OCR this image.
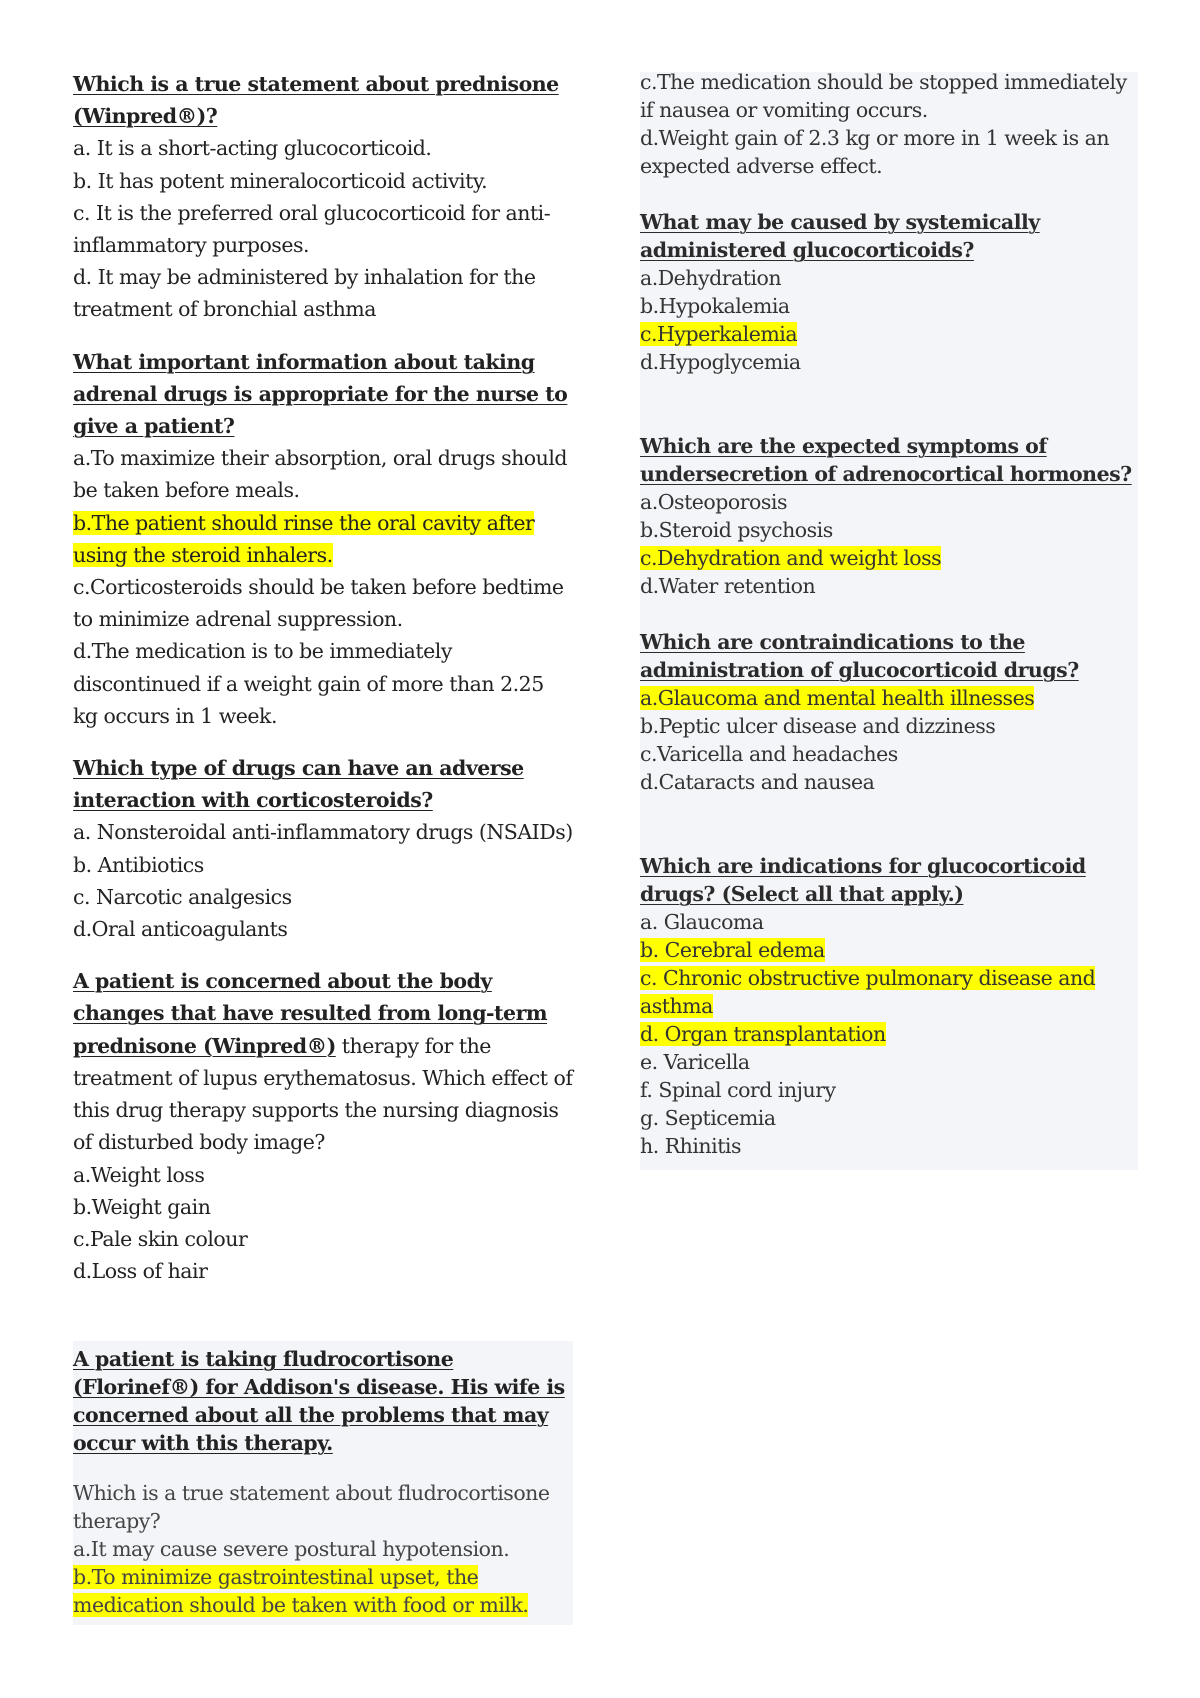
Which is a true statement about prednisone (Winpred®)?
a. It is a short-acting glucocorticoid.
b. It has potent mineralocorticoid activity.
c. It is the preferred oral glucocorticoid for anti-inflammatory purposes.
d. It may be administered by inhalation for the treatment of bronchial asthma
What important information about taking adrenal drugs is appropriate for the nurse to give a patient?
a.To maximize their absorption, oral drugs should be taken before meals.
b.The patient should rinse the oral cavity after using the steroid inhalers.
c.Corticosteroids should be taken before bedtime to minimize adrenal suppression.
d.The medication is to be immediately discontinued if a weight gain of more than 2.25 kg occurs in 1 week.
Which type of drugs can have an adverse interaction with corticosteroids?
a. Nonsteroidal anti-inflammatory drugs (NSAIDs)
b. Antibiotics
c. Narcotic analgesics
d.Oral anticoagulants
A patient is concerned about the body changes that have resulted from long-term prednisone (Winpred®) therapy for the treatment of lupus erythematosus. Which effect of this drug therapy supports the nursing diagnosis of disturbed body image?
a.Weight loss
b.Weight gain
c.Pale skin colour
d.Loss of hair
A patient is taking fludrocortisone (Florinef®) for Addison's disease. His wife is concerned about all the problems that may occur with this therapy.
Which is a true statement about fludrocortisone therapy?
a.It may cause severe postural hypotension.
b.To minimize gastrointestinal upset, the medication should be taken with food or milk.
c.The medication should be stopped immediately if nausea or vomiting occurs.
d.Weight gain of 2.3 kg or more in 1 week is an expected adverse effect.
What may be caused by systemically administered glucocorticoids?
a.Dehydration
b.Hypokalemia
c.Hyperkalemia
d.Hypoglycemia
Which are the expected symptoms of undersecretion of adrenocortical hormones?
a.Osteoporosis
b.Steroid psychosis
c.Dehydration and weight loss
d.Water retention
Which are contraindications to the administration of glucocorticoid drugs?
a.Glaucoma and mental health illnesses
b.Peptic ulcer disease and dizziness
c.Varicella and headaches
d.Cataracts and nausea
Which are indications for glucocorticoid drugs? (Select all that apply.)
a. Glaucoma
b. Cerebral edema
c. Chronic obstructive pulmonary disease and asthma
d. Organ transplantation
e. Varicella
f. Spinal cord injury
g. Septicemia
h. Rhinitis
